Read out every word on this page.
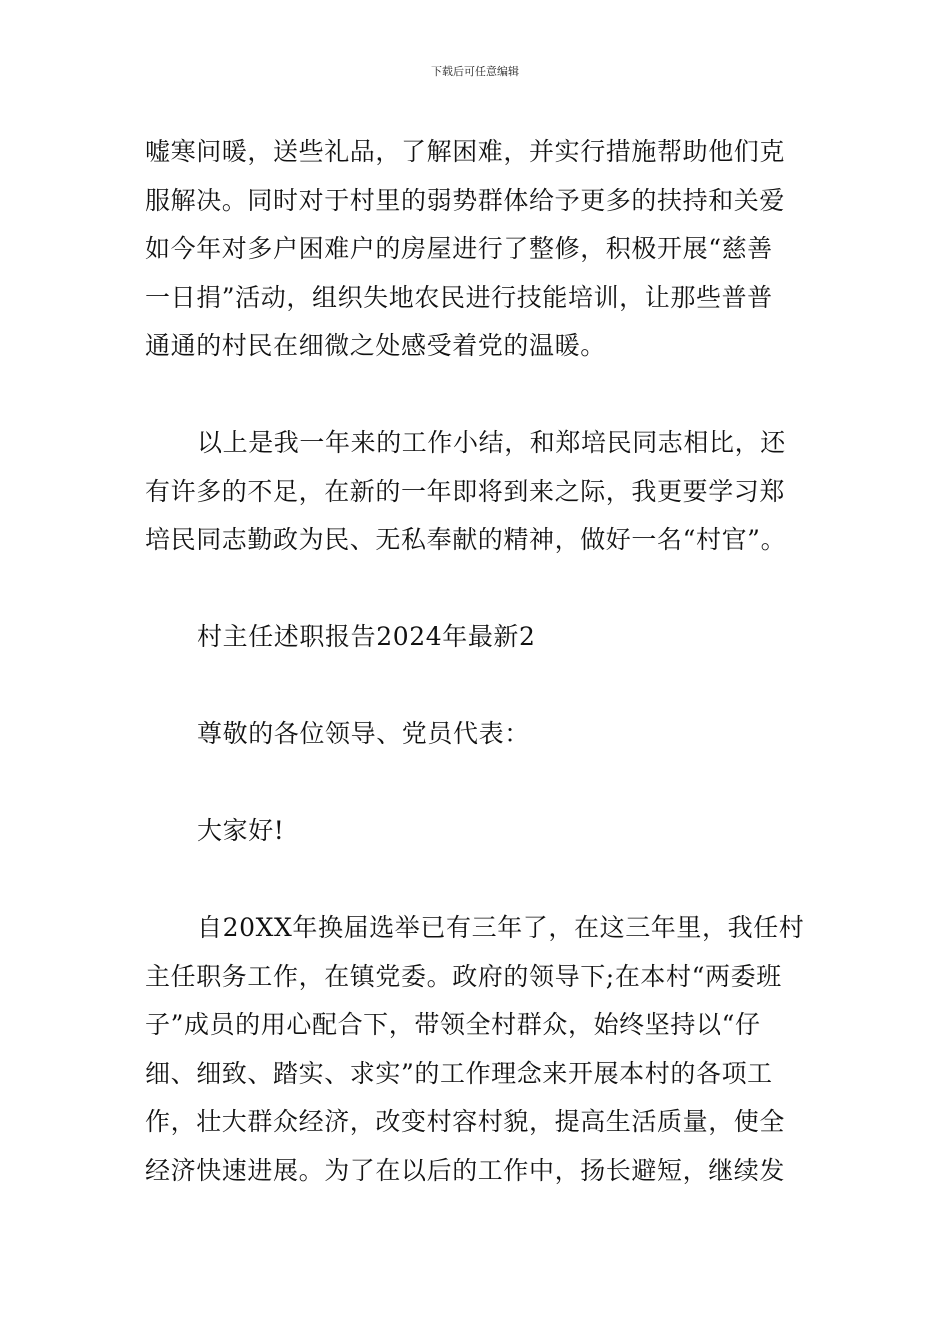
下载后可任意编辑
嘘寒问暖，送些礼品，了解困难，并实行措施帮助他们克
服解决。同时对于村里的弱势群体给予更多的扶持和关爱
如今年对多户困难户的房屋进行了整修，积极开展“慈善
一日捐”活动，组织失地农民进行技能培训，让那些普普
通通的村民在细微之处感受着党的温暖。
以上是我一年来的工作小结，和郑培民同志相比，还
有许多的不足，在新的一年即将到来之际，我更要学习郑
培民同志勤政为民、无私奉献的精神，做好一名“村官”。
村主任述职报告2024年最新2
尊敬的各位领导、党员代表：
大家好!
自20XX年换届选举已有三年了，在这三年里，我任村
主任职务工作，在镇党委。政府的领导下;在本村“两委班
子”成员的用心配合下，带领全村群众，始终坚持以“仔
细、细致、踏实、求实”的工作理念来开展本村的各项工
作，壮大群众经济，改变村容村貌，提高生活质量，使全
经济快速进展。为了在以后的工作中，扬长避短，继续发
